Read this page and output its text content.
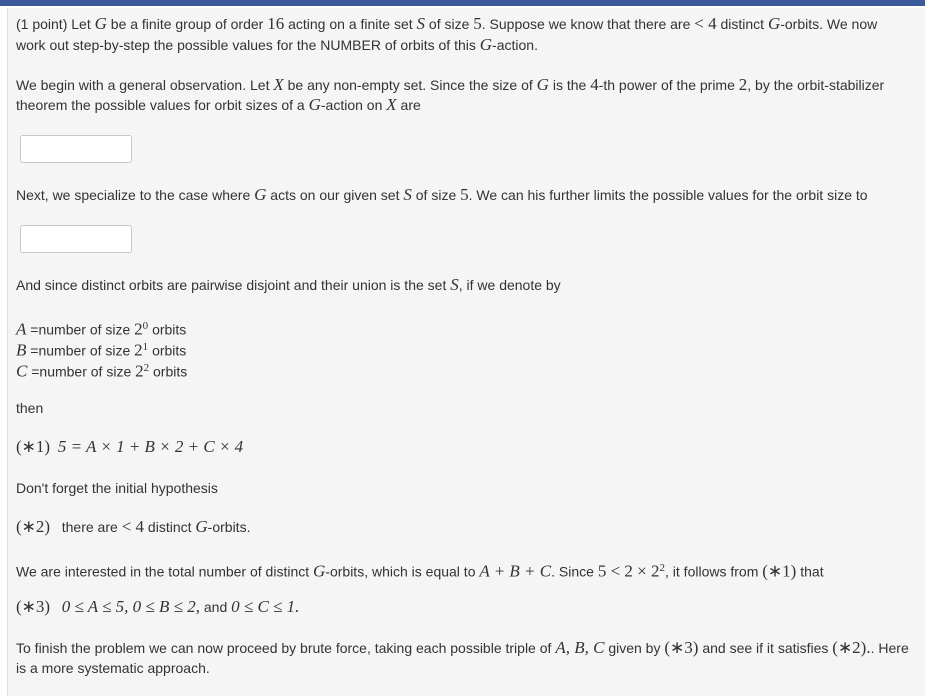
(1 point) Let G be a finite group of order 16 acting on a finite set S of size 5. Suppose we know that there are < 4 distinct G-orbits. We now
work out step-by-step the possible values for the NUMBER of orbits of this G-action.
We begin with a general observation. Let X be any non-empty set. Since the size of G is the 4-th power of the prime 2, by the orbit-stabilizer
theorem the possible values for orbit sizes of a G-action on X are
Next, we specialize to the case where G acts on our given set S of size 5. We can his further limits the possible values for the orbit size to
And since distinct orbits are pairwise disjoint and their union is the set S, if we denote by
A =number of size $2^0$ orbits
B =number of size $2^1$ orbits
C =number of size $2^2$ orbits
then
(∗1) 5 = A × 1 + B × 2 + C × 4
Don't forget the initial hypothesis
(∗2) there are < 4 distinct G-orbits.
We are interested in the total number of distinct G-orbits, which is equal to A + B + C. Since $5 < 2 \times 2^2$, it follows from (∗1) that
(∗3) 0 ≤ A ≤ 5, 0 ≤ B ≤ 2, and 0 ≤ C ≤ 1.
To finish the problem we can now proceed by brute force, taking each possible triple of A, B, C given by (∗3) and see if it satisfies (∗2).. Here
is a more systematic approach.
